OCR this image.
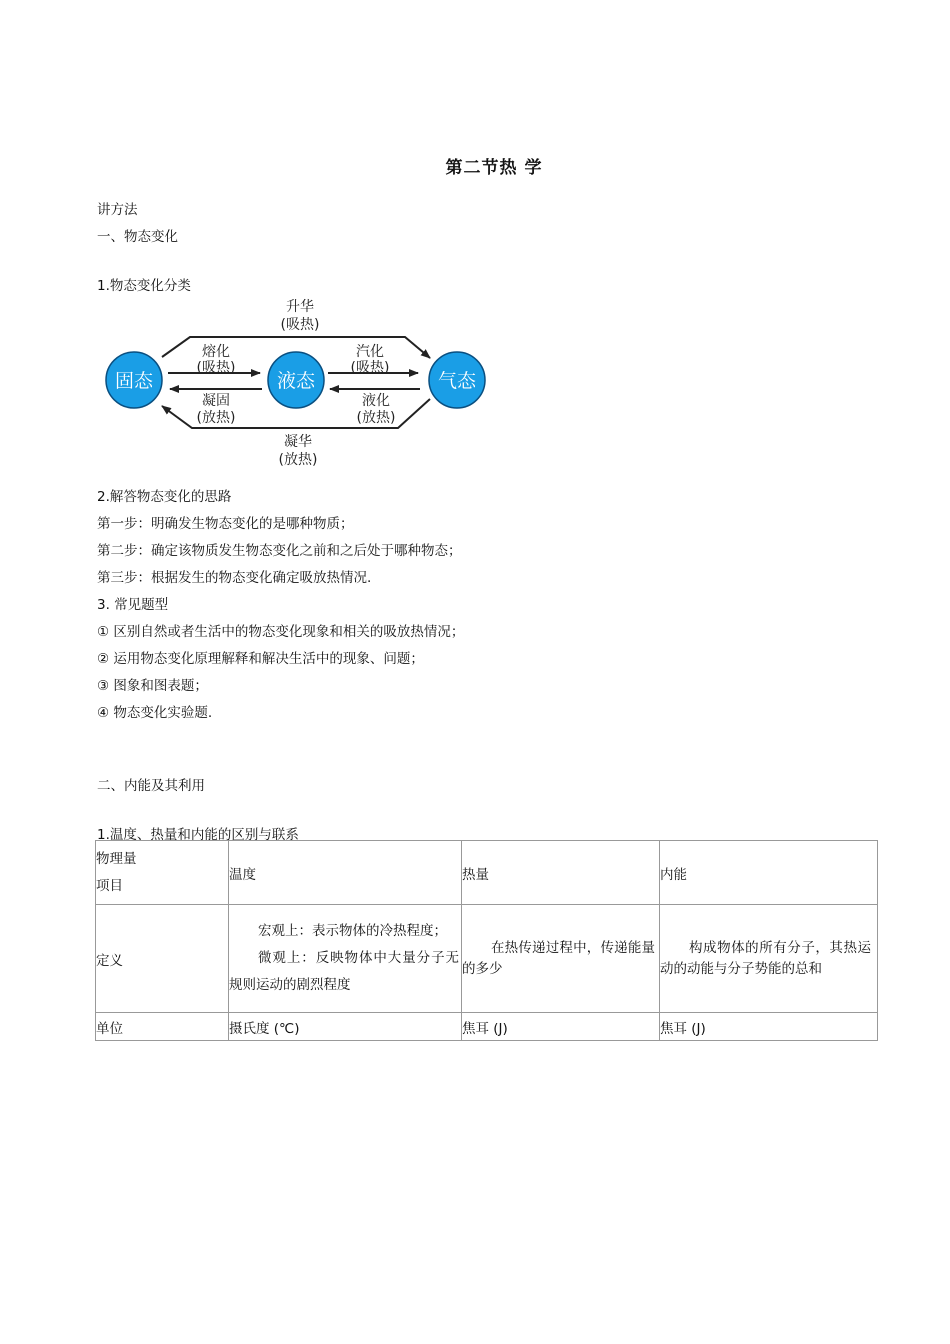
第二节热 学
讲方法
一、物态变化
1.物态变化分类
固态	液态	气态
升华
(吸热)
熔化
(吸热)
凝固
(放热)
汽化
(吸热)
液化
(放热)
凝华
(放热)
2.解答物态变化的思路
第一步：明确发生物态变化的是哪种物质；
第二步：确定该物质发生物态变化之前和之后处于哪种物态；
第三步：根据发生的物态变化确定吸放热情况.
3. 常见题型
① 区别自然或者生活中的物态变化现象和相关的吸放热情况；
② 运用物态变化原理解释和解决生活中的现象、问题；
③ 图象和图表题；
④ 物态变化实验题.
二、内能及其利用
1.温度、热量和内能的区别与联系
物理量
项目	温度	热量	内能
定义	宏观上：表示物体的冷热程度；
微观上：反映物体中大量分子无规则运动的剧烈程度	在热传递过程中，传递能量的多少	构成物体的所有分子，其热运动的动能与分子势能的总和

单位	摄氏度 (℃)	焦耳 (J)	焦耳 (J)
